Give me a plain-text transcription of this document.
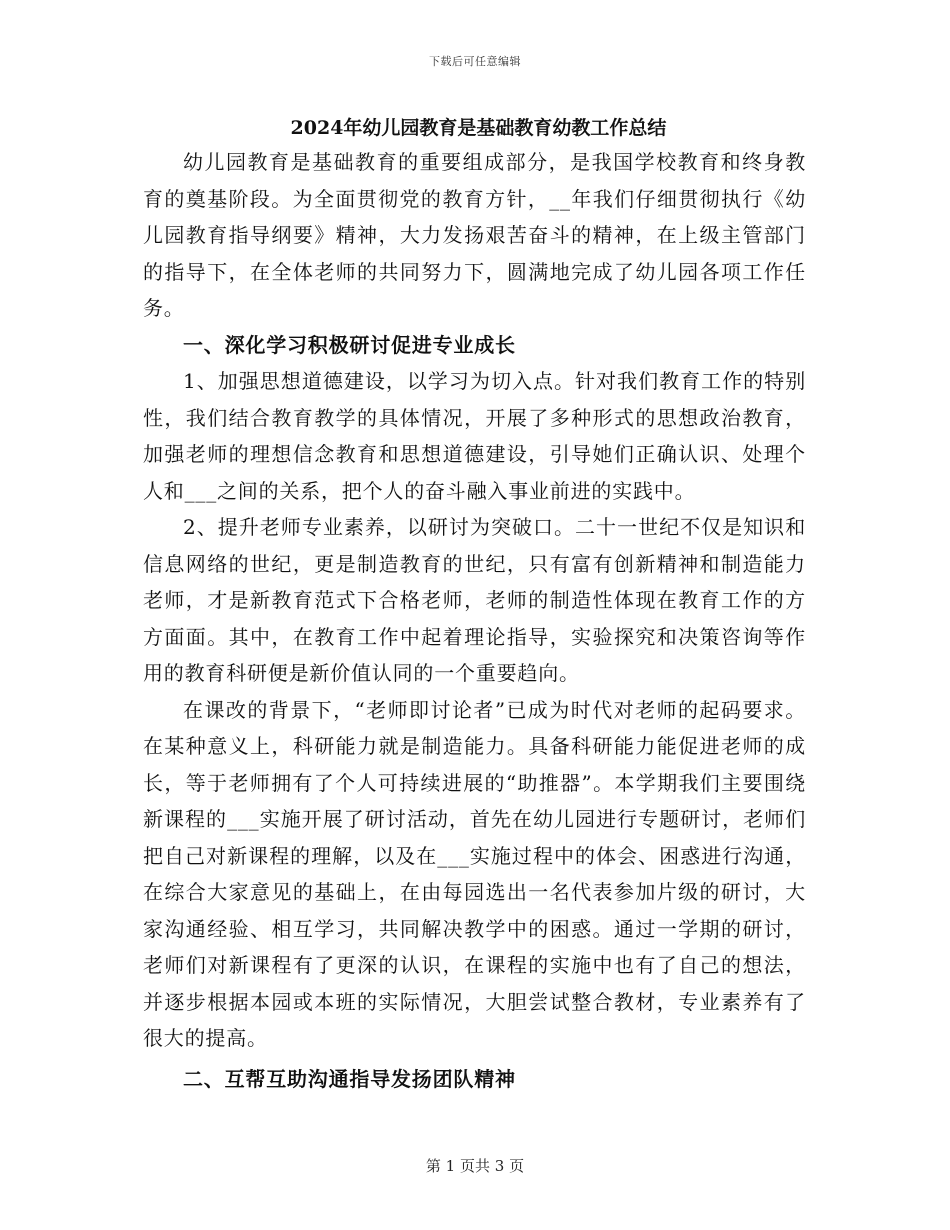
下载后可任意编辑

2024年幼儿园教育是基础教育幼教工作总结

幼儿园教育是基础教育的重要组成部分，是我国学校教育和终身教育的奠基阶段。为全面贯彻党的教育方针，__年我们仔细贯彻执行《幼儿园教育指导纲要》精神，大力发扬艰苦奋斗的精神，在上级主管部门的指导下，在全体老师的共同努力下，圆满地完成了幼儿园各项工作任务。

一、深化学习积极研讨促进专业成长

1、加强思想道德建设，以学习为切入点。针对我们教育工作的特别性，我们结合教育教学的具体情况，开展了多种形式的思想政治教育，加强老师的理想信念教育和思想道德建设，引导她们正确认识、处理个人和___之间的关系，把个人的奋斗融入事业前进的实践中。

2、提升老师专业素养，以研讨为突破口。二十一世纪不仅是知识和信息网络的世纪，更是制造教育的世纪，只有富有创新精神和制造能力老师，才是新教育范式下合格老师，老师的制造性体现在教育工作的方方面面。其中，在教育工作中起着理论指导，实验探究和决策咨询等作用的教育科研便是新价值认同的一个重要趋向。

在课改的背景下，“老师即讨论者”已成为时代对老师的起码要求。在某种意义上，科研能力就是制造能力。具备科研能力能促进老师的成长，等于老师拥有了个人可持续进展的“助推器”。本学期我们主要围绕新课程的___实施开展了研讨活动，首先在幼儿园进行专题研讨，老师们把自己对新课程的理解，以及在___实施过程中的体会、困惑进行沟通，在综合大家意见的基础上，在由每园选出一名代表参加片级的研讨，大家沟通经验、相互学习，共同解决教学中的困惑。通过一学期的研讨，老师们对新课程有了更深的认识，在课程的实施中也有了自己的想法，并逐步根据本园或本班的实际情况，大胆尝试整合教材，专业素养有了很大的提高。

二、互帮互助沟通指导发扬团队精神

第 1 页共 3 页
